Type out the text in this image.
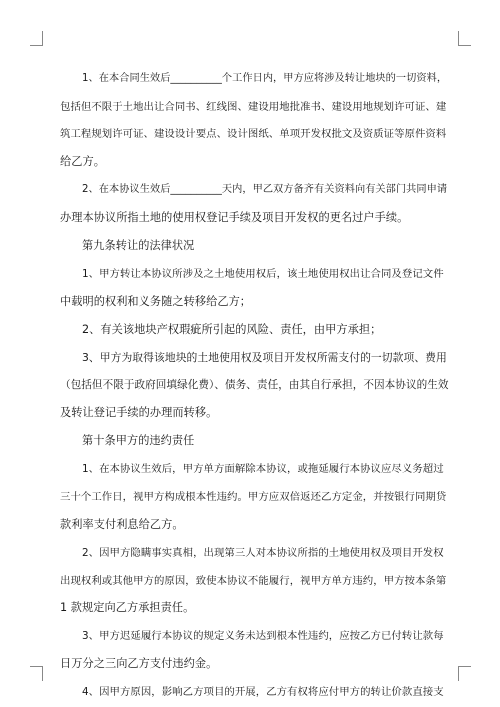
1、在本合同生效后__________个工作日内，甲方应将涉及转让地块的一切资料，
包括但不限于土地出让合同书、红线图、建设用地批准书、建设用地规划许可证、建
筑工程规划许可证、建设设计要点、设计图纸、单项开发权批文及资质证等原件资料
给乙方。
2、在本协议生效后__________天内，甲乙双方备齐有关资料向有关部门共同申请
办理本协议所指土地的使用权登记手续及项目开发权的更名过户手续。
第九条转让的法律状况
1、甲方转让本协议所涉及之土地使用权后，该土地使用权出让合同及登记文件
中载明的权利和义务随之转移给乙方；
2、有关该地块产权瑕疵所引起的风险、责任，由甲方承担；
3、甲方为取得该地块的土地使用权及项目开发权所需支付的一切款项、费用
（包括但不限于政府回填绿化费）、债务、责任，由其自行承担，不因本协议的生效
及转让登记手续的办理而转移。
第十条甲方的违约责任
1、在本协议生效后，甲方单方面解除本协议，或拖延履行本协议应尽义务超过
三十个工作日，视甲方构成根本性违约。甲方应双倍返还乙方定金，并按银行同期贷
款利率支付利息给乙方。
2、因甲方隐瞒事实真相，出现第三人对本协议所指的土地使用权及项目开发权
出现权利或其他甲方的原因，致使本协议不能履行，视甲方单方违约，甲方按本条第
1 款规定向乙方承担责任。
3、甲方迟延履行本协议的规定义务未达到根本性违约，应按乙方已付转让款每
日万分之三向乙方支付违约金。
4、因甲方原因，影响乙方项目的开展，乙方有权将应付甲方的转让价款直接支
